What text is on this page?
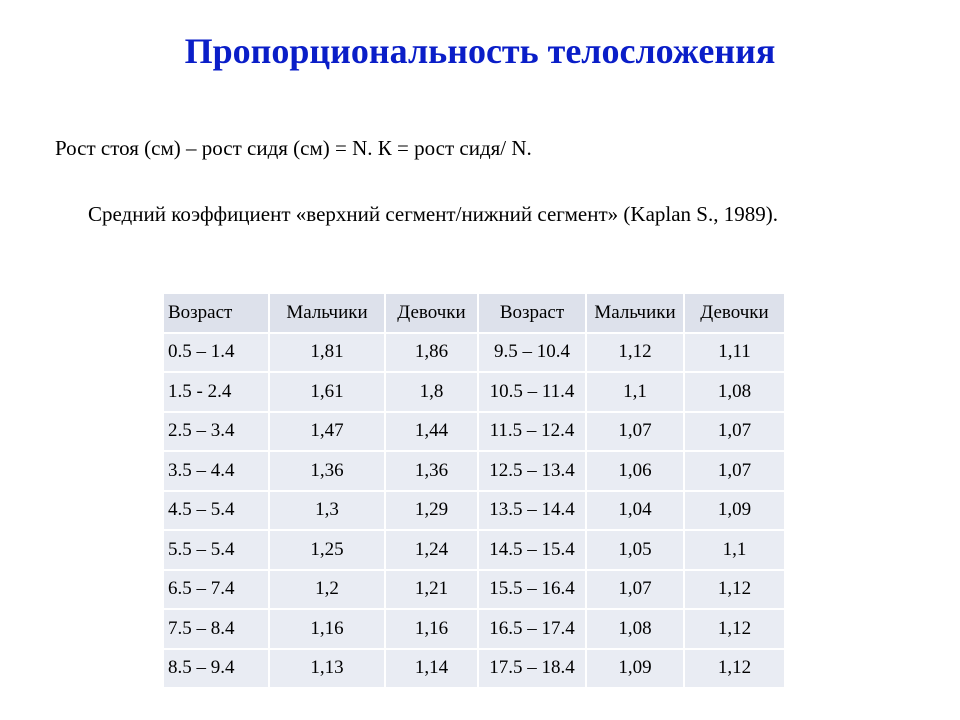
Пропорциональность телосложения
Рост стоя (см) – рост сидя (см) = N. К = рост сидя/ N.
Средний коэффициент «верхний сегмент/нижний сегмент» (Kaplan S., 1989).
Возраст	Мальчики	Девочки	Возраст	Мальчики	Девочки
0.5 – 1.4	1,81	1,86	9.5 – 10.4	1,12	1,11
1.5 - 2.4	1,61	1,8	10.5 – 11.4	1,1	1,08
2.5 – 3.4	1,47	1,44	11.5 – 12.4	1,07	1,07
3.5 – 4.4	1,36	1,36	12.5 – 13.4	1,06	1,07
4.5 – 5.4	1,3	1,29	13.5 – 14.4	1,04	1,09
5.5 – 5.4	1,25	1,24	14.5 – 15.4	1,05	1,1
6.5 – 7.4	1,2	1,21	15.5 – 16.4	1,07	1,12
7.5 – 8.4	1,16	1,16	16.5 – 17.4	1,08	1,12
8.5 – 9.4	1,13	1,14	17.5 – 18.4	1,09	1,12
